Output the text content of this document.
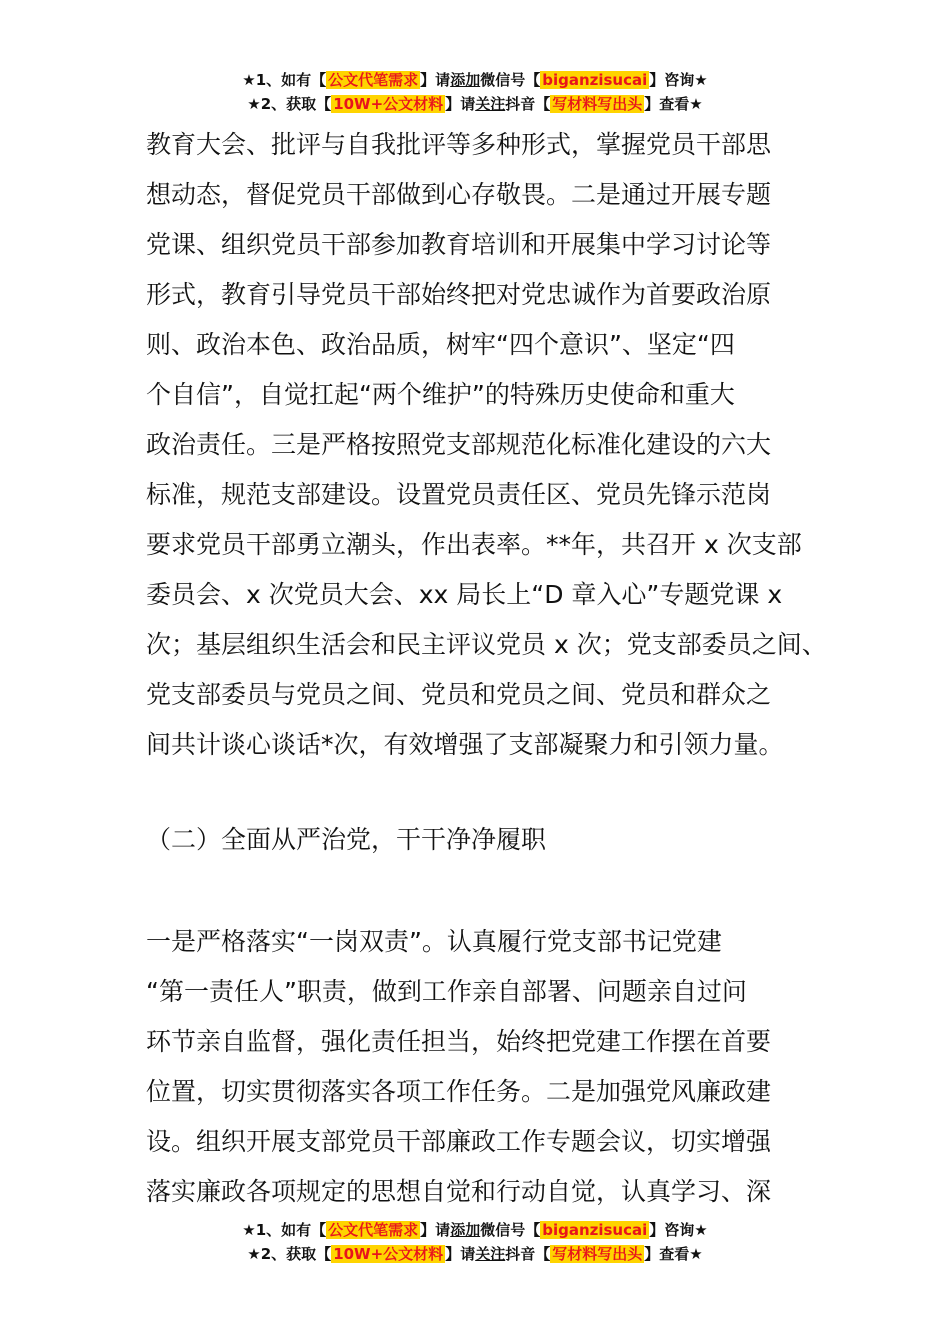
★1、如有【 公文代笔需求 】请添加微信号【 biganzisucai 】咨询★
★2、获取【 10W+公文材料 】请关注抖音【 写材料写出头 】查看★
教育大会、批评与自我批评等多种形式，掌握党员干部思
想动态，督促党员干部做到心存敬畏。二是通过开展专题
党课、组织党员干部参加教育培训和开展集中学习讨论等
形式，教育引导党员干部始终把对党忠诚作为首要政治原
则、政治本色、政治品质，树牢“四个意识”、坚定“四
个自信”，自觉扛起“两个维护”的特殊历史使命和重大
政治责任。三是严格按照党支部规范化标准化建设的六大
标准，规范支部建设。设置党员责任区、党员先锋示范岗
要求党员干部勇立潮头，作出表率。**年，共召开 x 次支部
委员会、x 次党员大会、xx 局长上“D 章入心”专题党课 x
次；基层组织生活会和民主评议党员 x 次；党支部委员之间、
党支部委员与党员之间、党员和党员之间、党员和群众之
间共计谈心谈话*次，有效增强了支部凝聚力和引领力量。
（二）全面从严治党，干干净净履职
一是严格落实“一岗双责”。认真履行党支部书记党建
“第一责任人”职责，做到工作亲自部署、问题亲自过问
环节亲自监督，强化责任担当，始终把党建工作摆在首要
位置，切实贯彻落实各项工作任务。二是加强党风廉政建
设。组织开展支部党员干部廉政工作专题会议，切实增强
落实廉政各项规定的思想自觉和行动自觉，认真学习、深
★1、如有【 公文代笔需求 】请添加微信号【 biganzisucai 】咨询★
★2、获取【 10W+公文材料 】请关注抖音【 写材料写出头 】查看★
